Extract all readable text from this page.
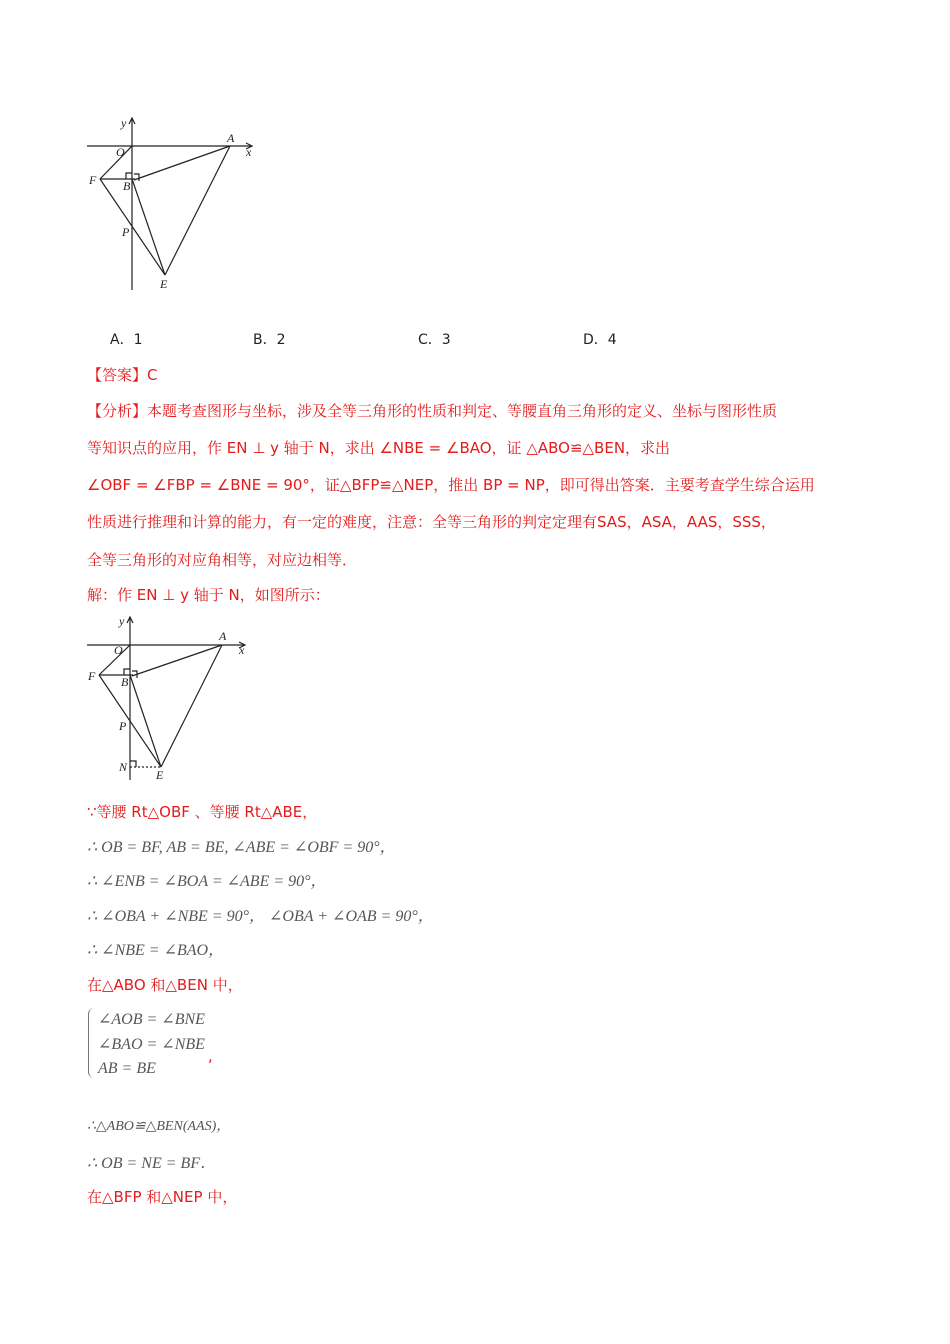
y
x
O
A
F B
P
E
A．1	B．2	C．3	D．4
【答案】C
【分析】本题考查图形与坐标，涉及全等三角形的性质和判定、等腰直角三角形的定义、坐标与图形性质
等知识点的应用，作 EN ⊥ y 轴于 N，求出 ∠NBE = ∠BAO，证 △ABO≌△BEN，求出
∠OBF = ∠FBP = ∠BNE = 90°，证△BFP≌△NEP，推出 BP = NP，即可得出答案．主要考查学生综合运用
性质进行推理和计算的能力，有一定的难度，注意：全等三角形的判定定理有SAS，ASA，AAS，SSS，
全等三角形的对应角相等，对应边相等．
解：作 EN ⊥ y 轴于 N，如图所示：
y
x
O
A
F B
P
N
E
∵等腰 Rt△OBF 、等腰 Rt△ABE，
∴ OB = BF, AB = BE, ∠ABE = ∠OBF = 90°，
∴ ∠ENB = ∠BOA = ∠ABE = 90°，
∴ ∠OBA + ∠NBE = 90°， ∠OBA + ∠OAB = 90°，
∴ ∠NBE = ∠BAO，
在△ABO 和△BEN 中，
∠AOB = ∠BNE
∠BAO = ∠NBE
AB = BE
,
∴△ABO≌△BEN(AAS)，
∴ OB = NE = BF．
在△BFP 和△NEP 中，
